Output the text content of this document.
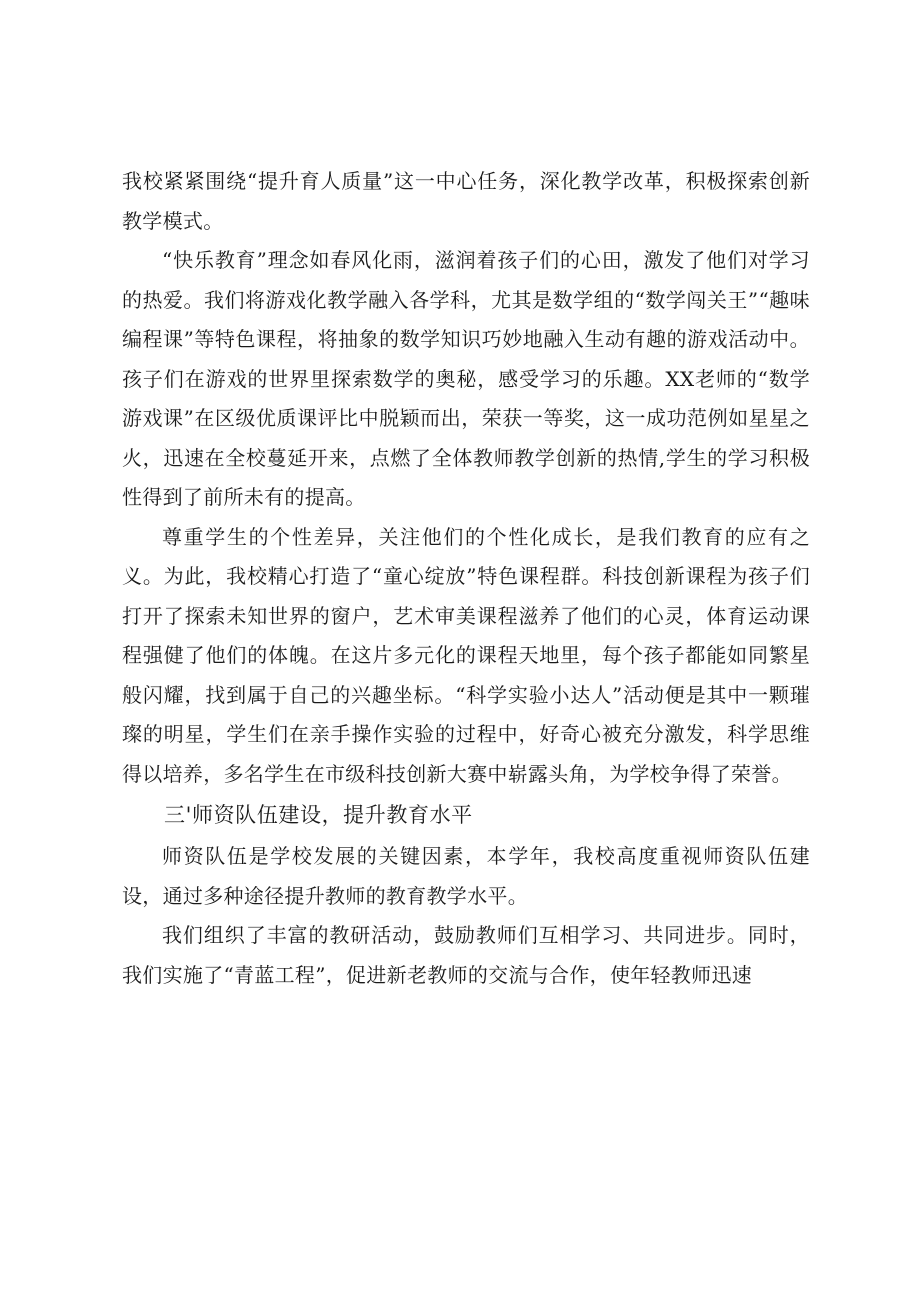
我校紧紧围绕“提升育人质量”这一中心任务，深化教学改革，积极探索创新教学模式。

“快乐教育”理念如春风化雨，滋润着孩子们的心田，激发了他们对学习的热爱。我们将游戏化教学融入各学科，尤其是数学组的“数学闯关王”“趣味编程课”等特色课程，将抽象的数学知识巧妙地融入生动有趣的游戏活动中。孩子们在游戏的世界里探索数学的奥秘，感受学习的乐趣。XX老师的“数学游戏课”在区级优质课评比中脱颖而出，荣获一等奖，这一成功范例如星星之火，迅速在全校蔓延开来，点燃了全体教师教学创新的热情,学生的学习积极性得到了前所未有的提高。

尊重学生的个性差异，关注他们的个性化成长，是我们教育的应有之义。为此，我校精心打造了“童心绽放”特色课程群。科技创新课程为孩子们打开了探索未知世界的窗户，艺术审美课程滋养了他们的心灵，体育运动课程强健了他们的体魄。在这片多元化的课程天地里，每个孩子都能如同繁星般闪耀，找到属于自己的兴趣坐标。“科学实验小达人”活动便是其中一颗璀璨的明星，学生们在亲手操作实验的过程中，好奇心被充分激发，科学思维得以培养，多名学生在市级科技创新大赛中崭露头角，为学校争得了荣誉。

三'师资队伍建设，提升教育水平

师资队伍是学校发展的关键因素，本学年，我校高度重视师资队伍建设，通过多种途径提升教师的教育教学水平。

我们组织了丰富的教研活动，鼓励教师们互相学习、共同进步。同时，我们实施了“青蓝工程”，促进新老教师的交流与合作，使年轻教师迅速
